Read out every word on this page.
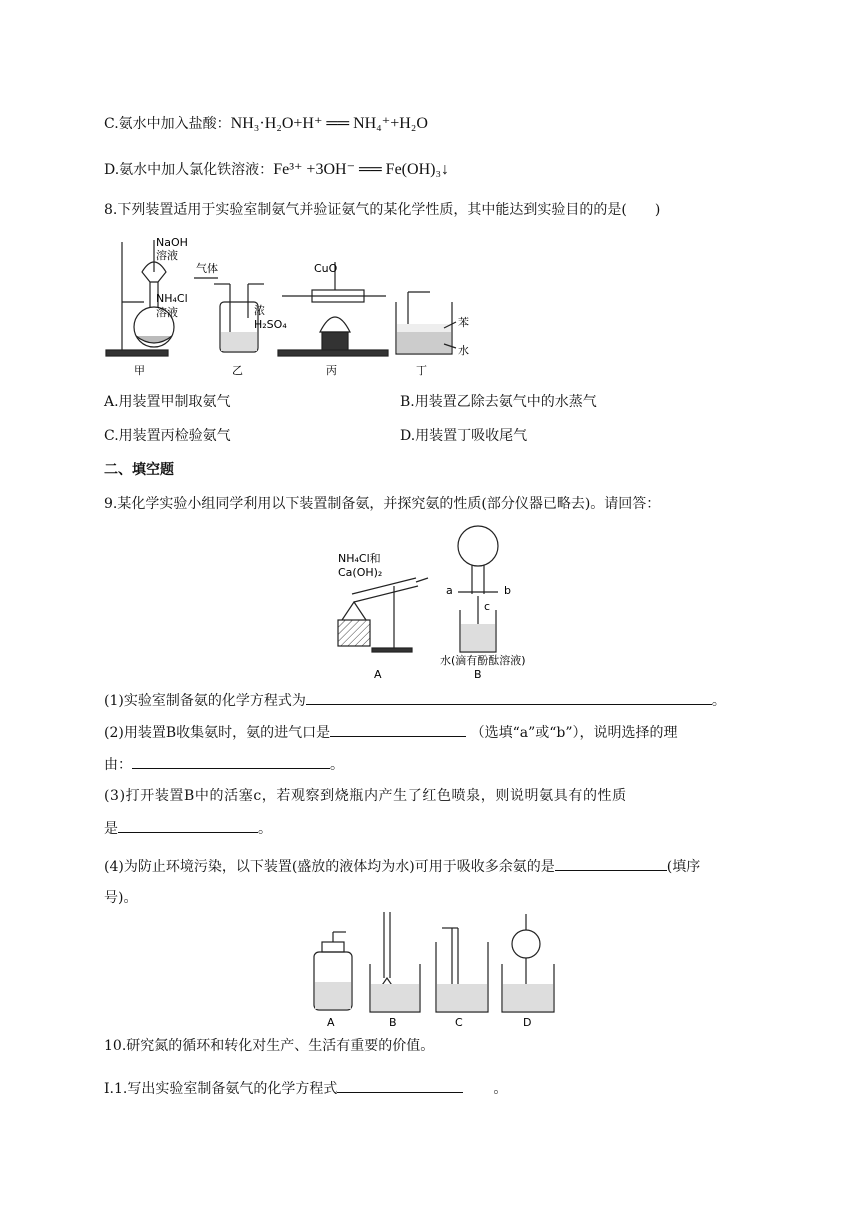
C.氨水中加入盐酸：NH₃·H₂O+H⁺ ══ NH₄⁺+H₂O
D.氨水中加人氯化铁溶液：Fe³⁺ +3OH⁻ ══ Fe(OH)₃↓
8.下列装置适用于实验室制氨气并验证氨气的某化学性质，其中能达到实验目的的是(　　)
NaOH
溶液
NH₄Cl
溶液
气体
浓
H₂SO₄
CuO
苯
水
甲	乙	丙	丁
A.用装置甲制取氨气	B.用装置乙除去氨气中的水蒸气
C.用装置丙检验氨气	D.用装置丁吸收尾气
二、填空题
9.某化学实验小组同学利用以下装置制备氨，并探究氨的性质(部分仪器已略去)。请回答：
NH₄Cl和
Ca(OH)₂
a	b
c
水(滴有酚酞溶液)
A	B
(1)实验室制备氨的化学方程式为	。
(2)用装置B收集氨时，氨的进气口是	（选填“a”或“b”），说明选择的理
由：	。
(3)打开装置B中的活塞c，若观察到烧瓶内产生了红色喷泉，则说明氨具有的性质
是	。
(4)为防止环境污染，以下装置(盛放的液体均为水)可用于吸收多余氨的是	(填序
号)。
A	B	C	D
10.研究氮的循环和转化对生产、生活有重要的价值。
I.1.写出实验室制备氨气的化学方程式	。
